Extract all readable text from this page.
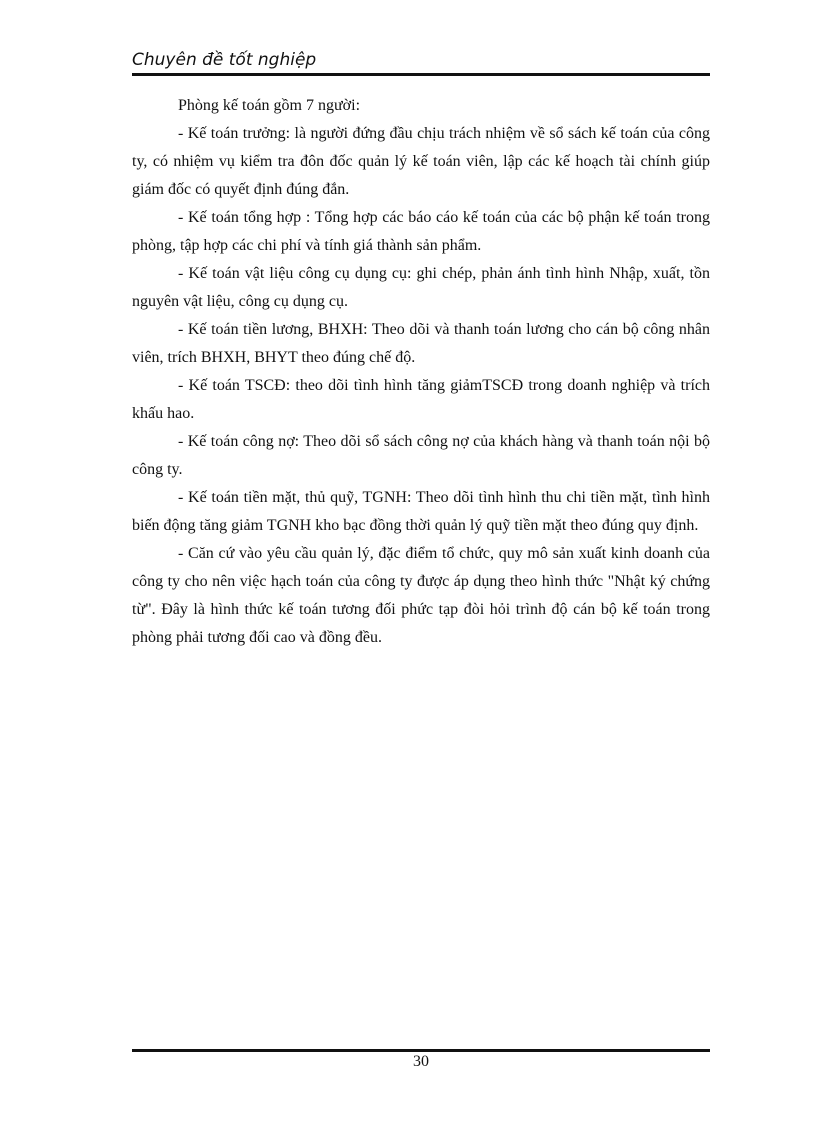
Chuyên đề tốt nghiệp

Phòng kế toán gồm 7 người:

- Kế toán trưởng: là người đứng đầu chịu trách nhiệm về sổ sách kế toán của công ty, có nhiệm vụ kiểm tra đôn đốc quản lý kế toán viên, lập các kế hoạch tài chính giúp giám đốc có quyết định đúng đắn.

- Kế toán tổng hợp : Tổng hợp các báo cáo kế toán của các bộ phận kế toán trong phòng, tập hợp các chi phí và tính giá thành sản phẩm.

- Kế toán vật liệu công cụ dụng cụ: ghi chép, phản ánh tình hình Nhập, xuất, tồn nguyên vật liệu, công cụ dụng cụ.

- Kế toán tiền lương, BHXH: Theo dõi và thanh toán lương cho cán bộ công nhân viên, trích BHXH, BHYT theo đúng chế độ.

- Kế toán TSCĐ: theo dõi tình hình tăng giảmTSCĐ trong doanh nghiệp và trích khấu hao.

- Kế toán công nợ: Theo dõi sổ sách công nợ của khách hàng và thanh toán nội bộ công ty.

- Kế toán tiền mặt, thủ quỹ, TGNH: Theo dõi tình hình thu chi tiền mặt, tình hình biến động tăng giảm TGNH kho bạc đồng thời quản lý quỹ tiền mặt theo đúng quy định.

- Căn cứ vào yêu cầu quản lý, đặc điểm tổ chức, quy mô sản xuất kinh doanh của công ty cho nên việc hạch toán của công ty được áp dụng theo hình thức "Nhật ký chứng từ". Đây là hình thức kế toán tương đối phức tạp đòi hỏi trình độ cán bộ kế toán trong phòng phải tương đối cao và đồng đều.

30
